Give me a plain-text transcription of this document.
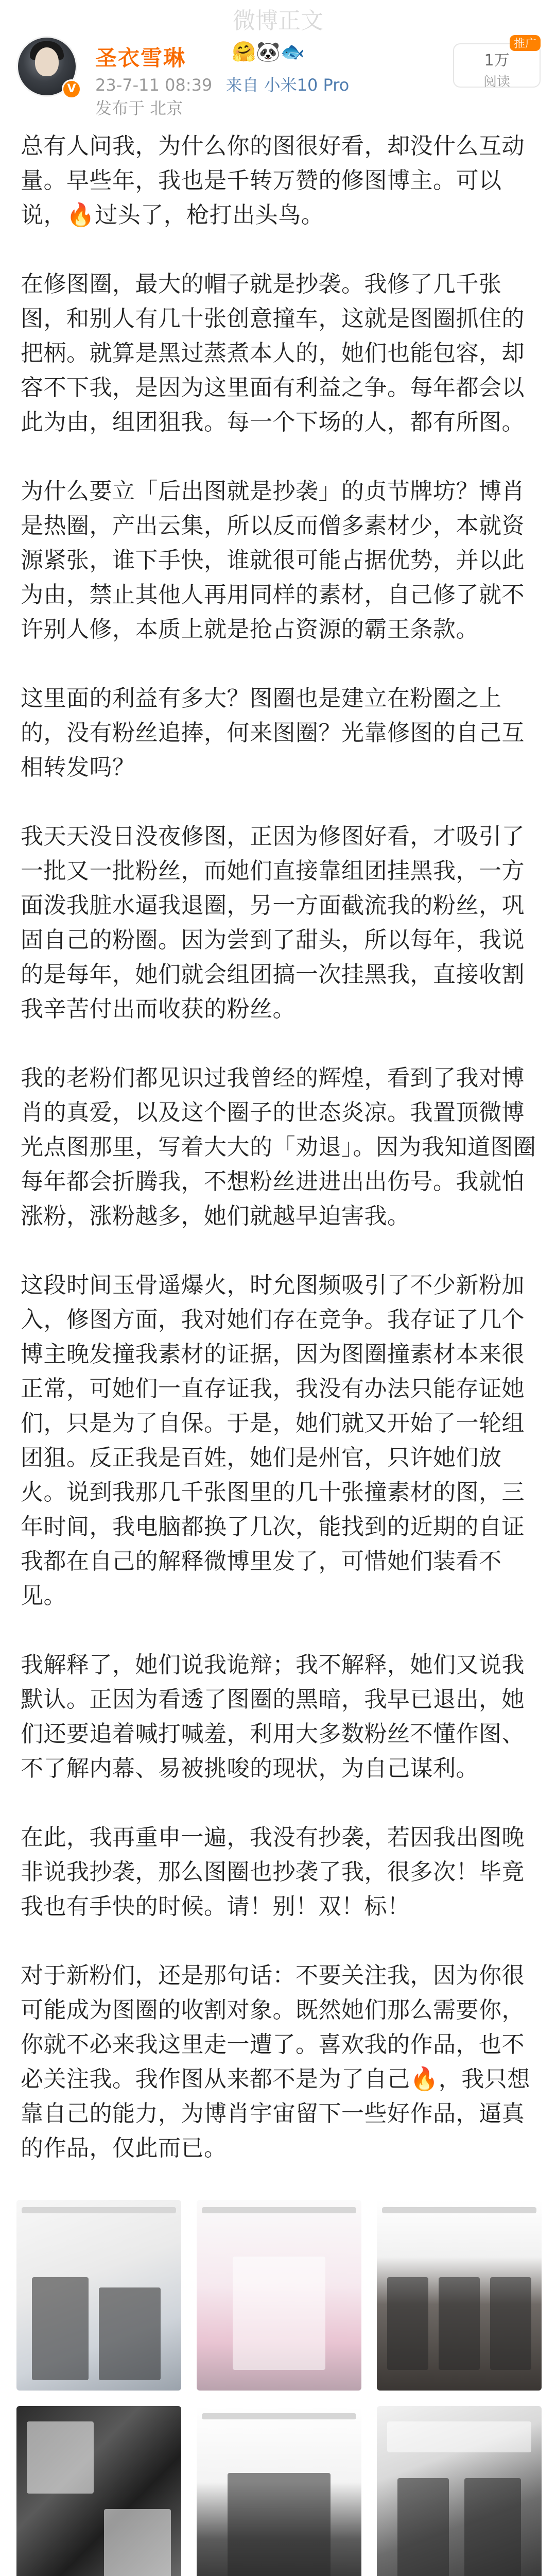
微博正文
V
圣衣雪琳 🤗🐼🐟
23-7-11 08:39 来自 小米10 Pro
发布于 北京
推广
1万
阅读

总有人问我，为什么你的图很好看，却没什么互动量。早些年，我也是千转万赞的修图博主。可以说，🔥过头了，枪打出头鸟。

在修图圈，最大的帽子就是抄袭。我修了几千张图，和别人有几十张创意撞车，这就是图圈抓住的把柄。就算是黑过蒸煮本人的，她们也能包容，却容不下我，是因为这里面有利益之争。每年都会以此为由，组团狙我。每一个下场的人，都有所图。

为什么要立「后出图就是抄袭」的贞节牌坊？博肖是热圈，产出云集，所以反而僧多素材少，本就资源紧张，谁下手快，谁就很可能占据优势，并以此为由，禁止其他人再用同样的素材，自己修了就不许别人修，本质上就是抢占资源的霸王条款。

这里面的利益有多大？图圈也是建立在粉圈之上的，没有粉丝追捧，何来图圈？光靠修图的自己互相转发吗？

我天天没日没夜修图，正因为修图好看，才吸引了一批又一批粉丝，而她们直接靠组团挂黑我，一方面泼我脏水逼我退圈，另一方面截流我的粉丝，巩固自己的粉圈。因为尝到了甜头，所以每年，我说的是每年，她们就会组团搞一次挂黑我，直接收割我辛苦付出而收获的粉丝。

我的老粉们都见识过我曾经的辉煌，看到了我对博肖的真爱，以及这个圈子的世态炎凉。我置顶微博光点图那里，写着大大的「劝退」。因为我知道图圈每年都会折腾我，不想粉丝进进出出伤号。我就怕涨粉，涨粉越多，她们就越早迫害我。

这段时间玉骨遥爆火，时允图频吸引了不少新粉加入，修图方面，我对她们存在竞争。我存证了几个博主晚发撞我素材的证据，因为图圈撞素材本来很正常，可她们一直存证我，我没有办法只能存证她们，只是为了自保。于是，她们就又开始了一轮组团狙。反正我是百姓，她们是州官，只许她们放火。说到我那几千张图里的几十张撞素材的图，三年时间，我电脑都换了几次，能找到的近期的自证我都在自己的解释微博里发了，可惜她们装看不见。

我解释了，她们说我诡辩；我不解释，她们又说我默认。正因为看透了图圈的黑暗，我早已退出，她们还要追着喊打喊羞，利用大多数粉丝不懂作图、不了解内幕、易被挑唆的现状，为自己谋利。

在此，我再重申一遍，我没有抄袭，若因我出图晚非说我抄袭，那么图圈也抄袭了我，很多次！毕竟我也有手快的时候。请！别！双！标！

对于新粉们，还是那句话：不要关注我，因为你很可能成为图圈的收割对象。既然她们那么需要你，你就不必来我这里走一遭了。喜欢我的作品，也不必关注我。我作图从来都不是为了自己🔥，我只想靠自己的能力，为博肖宇宙留下一些好作品，逼真的作品，仅此而已。
